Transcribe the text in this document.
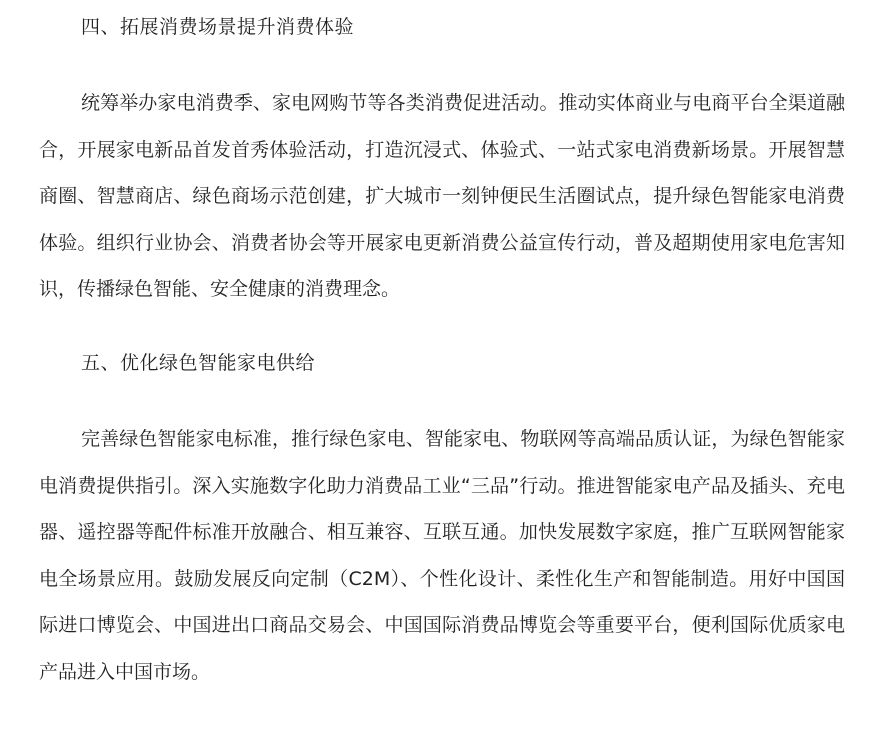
四、拓展消费场景提升消费体验

统筹举办家电消费季、家电网购节等各类消费促进活动。推动实体商业与电商平台全渠道融合，开展家电新品首发首秀体验活动，打造沉浸式、体验式、一站式家电消费新场景。开展智慧商圈、智慧商店、绿色商场示范创建，扩大城市一刻钟便民生活圈试点，提升绿色智能家电消费体验。组织行业协会、消费者协会等开展家电更新消费公益宣传行动，普及超期使用家电危害知识，传播绿色智能、安全健康的消费理念。

五、优化绿色智能家电供给

完善绿色智能家电标准，推行绿色家电、智能家电、物联网等高端品质认证，为绿色智能家电消费提供指引。深入实施数字化助力消费品工业“三品”行动。推进智能家电产品及插头、充电器、遥控器等配件标准开放融合、相互兼容、互联互通。加快发展数字家庭，推广互联网智能家电全场景应用。鼓励发展反向定制（C2M）、个性化设计、柔性化生产和智能制造。用好中国国际进口博览会、中国进出口商品交易会、中国国际消费品博览会等重要平台，便利国际优质家电产品进入中国市场。
